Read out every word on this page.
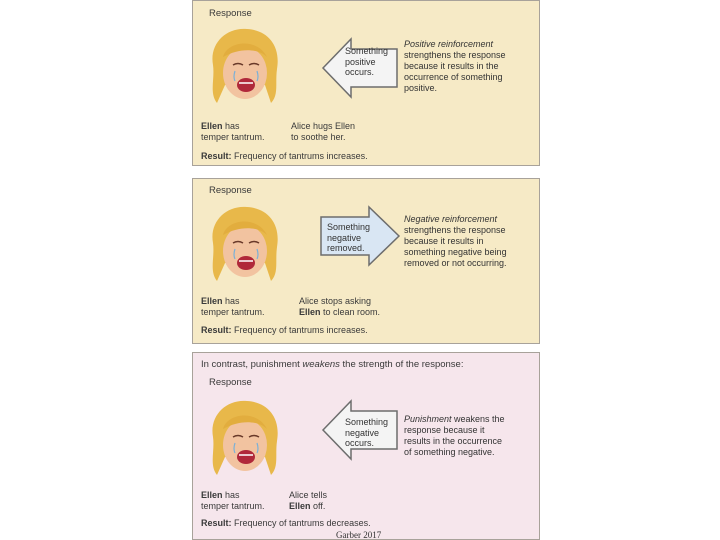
Response
Something
positive
occurs.
Positive reinforcement
strengthens the response
because it results in the
occurrence of something
positive.
Ellen has
temper tantrum.
Alice hugs Ellen
to soothe her.
Result: Frequency of tantrums increases.
Response
Something
negative
removed.
Negative reinforcement
strengthens the response
because it results in
something negative being
removed or not occurring.
Ellen has
temper tantrum.
Alice stops asking
Ellen to clean room.
Result: Frequency of tantrums increases.
In contrast, punishment weakens the strength of the response:
Response
Something
negative
occurs.
Punishment weakens the
response because it
results in the occurrence
of something negative.
Ellen has
temper tantrum.
Alice tells
Ellen off.
Result: Frequency of tantrums decreases.
Garber 2017
